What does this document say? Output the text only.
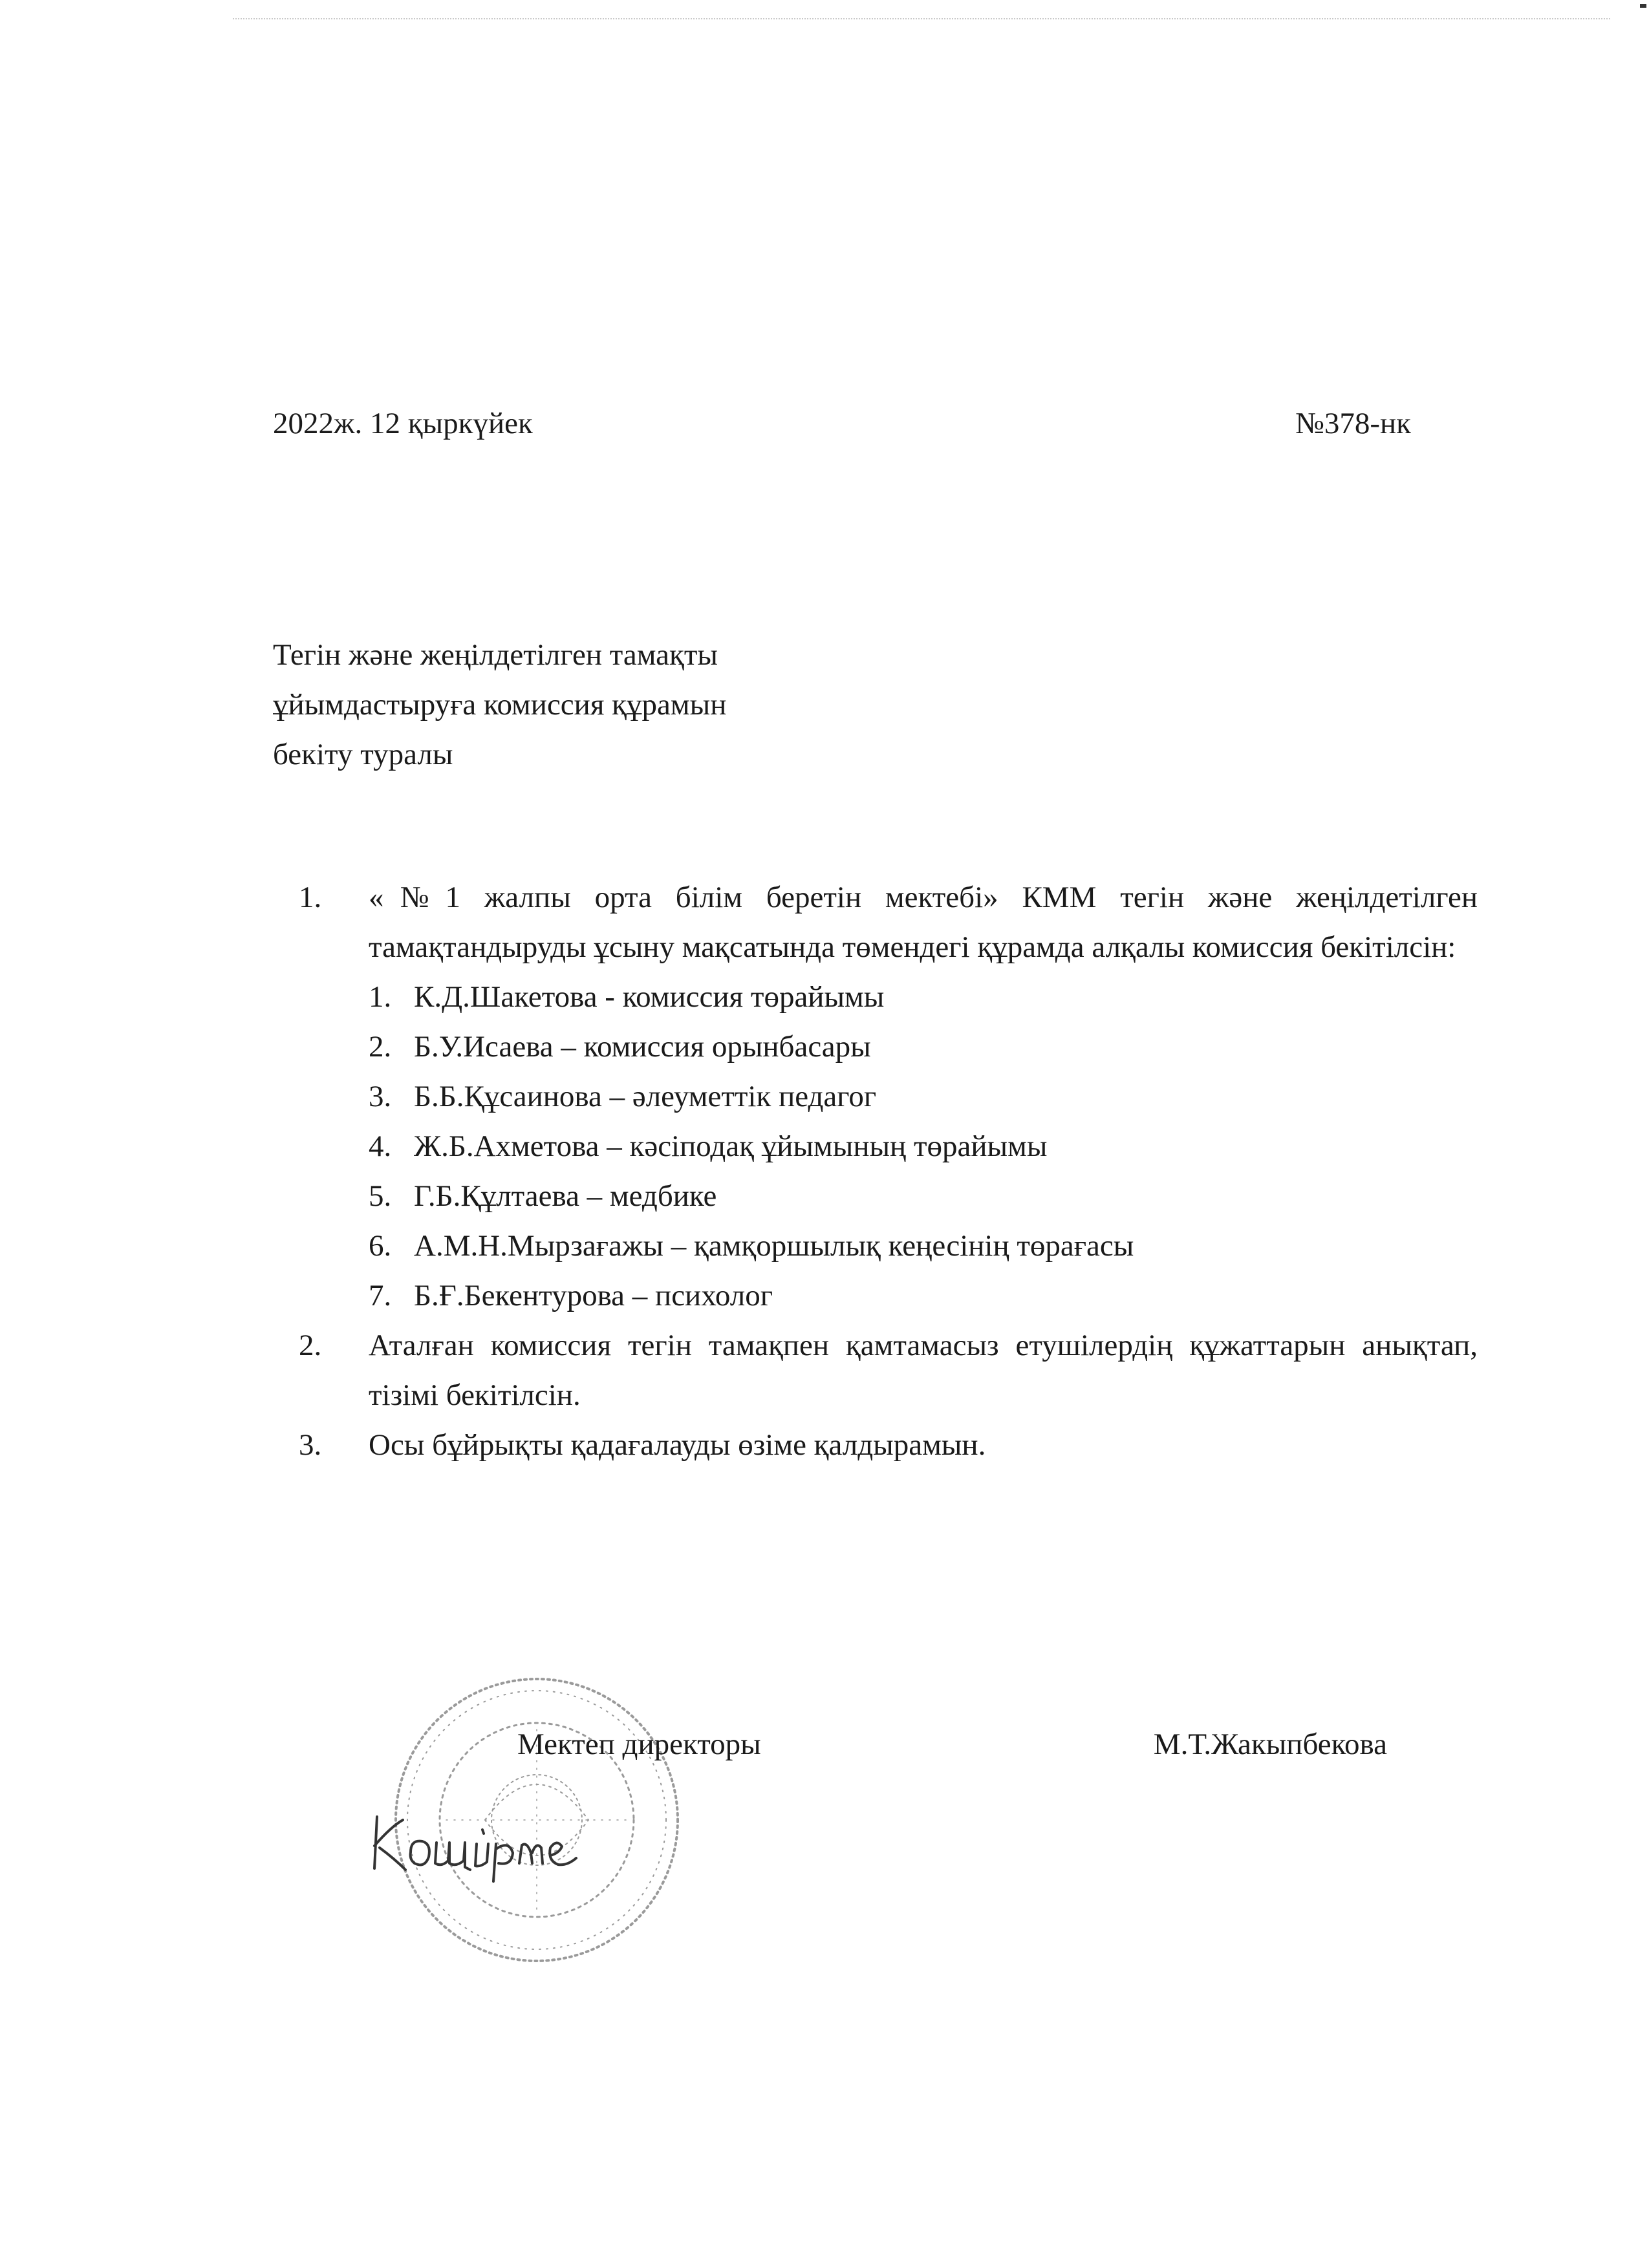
2022ж. 12 қыркүйек	№378-нк
Тегін және жеңілдетілген тамақты
ұйымдастыруға комиссия құрамын
бекіту туралы
1. «№1 жалпы орта білім беретін мектебі» КММ тегін және жеңілдетілген тамақтандыруды ұсыну мақсатында төмендегі құрамда алқалы комиссия бекітілсін:
1. К.Д.Шакетова - комиссия төрайымы
2. Б.У.Исаева – комиссия орынбасары
3. Б.Б.Құсаинова – әлеуметтік педагог
4. Ж.Б.Ахметова – кәсіподақ ұйымының төрайымы
5. Г.Б.Құлтаева – медбике
6. А.М.Н.Мырзағажы – қамқоршылық кеңесінің төрағасы
7. Б.Ғ.Бекентурова – психолог
2. Аталған комиссия тегін тамақпен қамтамасыз етушілердің құжаттарын анықтап, тізімі бекітілсін.
3. Осы бұйрықты қадағалауды өзіме қалдырамын.
Мектеп директоры	М.Т.Жакыпбекова
